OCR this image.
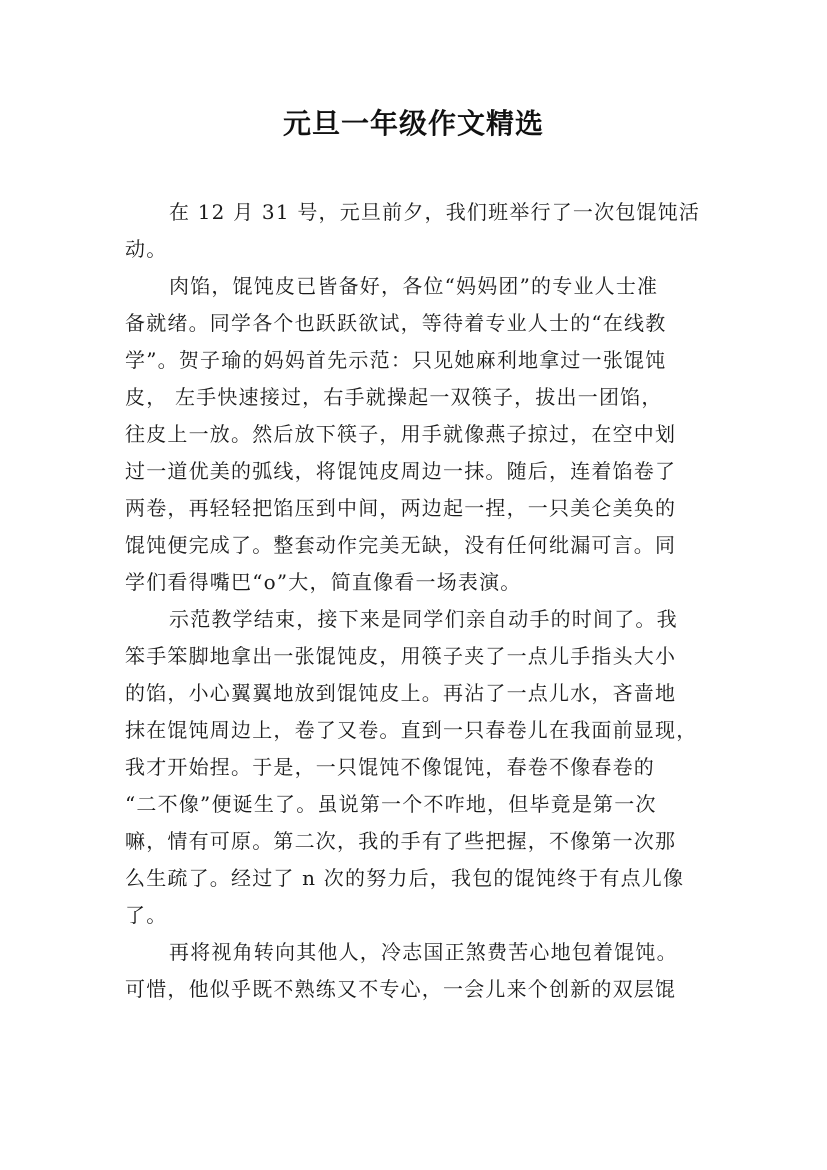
元旦一年级作文精选
在 12 月 31 号，元旦前夕，我们班举行了一次包馄饨活
动。
肉馅，馄饨皮已皆备好，各位“妈妈团”的专业人士准
备就绪。同学各个也跃跃欲试，等待着专业人士的“在线教
学”。贺子瑜的妈妈首先示范：只见她麻利地拿过一张馄饨
皮， 左手快速接过，右手就操起一双筷子，拔出一团馅，
往皮上一放。然后放下筷子，用手就像燕子掠过，在空中划
过一道优美的弧线，将馄饨皮周边一抹。随后，连着馅卷了
两卷，再轻轻把馅压到中间，两边起一捏，一只美仑美奂的
馄饨便完成了。整套动作完美无缺，没有任何纰漏可言。同
学们看得嘴巴“o”大，简直像看一场表演。
示范教学结束，接下来是同学们亲自动手的时间了。我
笨手笨脚地拿出一张馄饨皮，用筷子夹了一点儿手指头大小
的馅，小心翼翼地放到馄饨皮上。再沾了一点儿水，吝啬地
抹在馄饨周边上，卷了又卷。直到一只春卷儿在我面前显现，
我才开始捏。于是，一只馄饨不像馄饨，春卷不像春卷的
“二不像”便诞生了。虽说第一个不咋地，但毕竟是第一次
嘛，情有可原。第二次，我的手有了些把握，不像第一次那
么生疏了。经过了 n 次的努力后，我包的馄饨终于有点儿像
了。
再将视角转向其他人，冷志国正煞费苦心地包着馄饨。
可惜，他似乎既不熟练又不专心，一会儿来个创新的双层馄
